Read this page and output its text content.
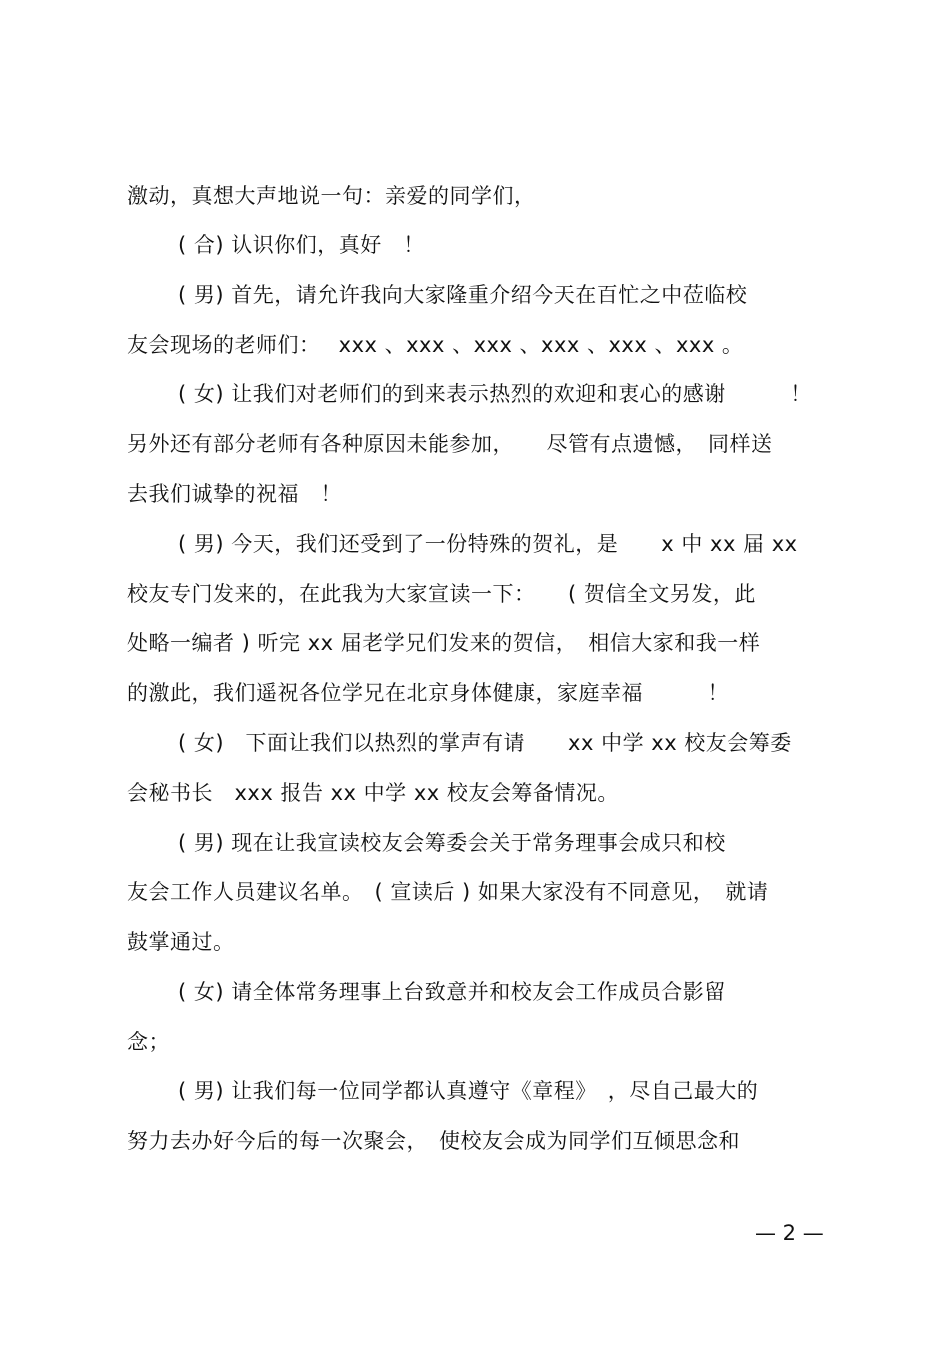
激动，真想大声地说一句：亲爱的同学们，
( 合) 认识你们，真好　！
( 男) 首先，请允许我向大家隆重介绍今天在百忙之中莅临校
友会现场的老师们：　 xxx 、xxx 、xxx 、xxx 、xxx 、xxx 。
( 女) 让我们对老师们的到来表示热烈的欢迎和衷心的感谢　　　！
另外还有部分老师有各种原因未能参加，　　尽管有点遗憾，　同样送
去我们诚挚的祝福　！
( 男) 今天，我们还受到了一份特殊的贺礼，是　　x 中 xx 届 xx
校友专门发来的，在此我为大家宣读一下：　　( 贺信全文另发，此
处略一编者 ) 听完 xx 届老学兄们发来的贺信，　相信大家和我一样
的激此，我们遥祝各位学兄在北京身体健康，家庭幸福　　　！
( 女)　下面让我们以热烈的掌声有请　　xx 中学 xx 校友会筹委
会秘书长　xxx 报告 xx 中学 xx 校友会筹备情况。
( 男) 现在让我宣读校友会筹委会关于常务理事会成只和校
友会工作人员建议名单。　( 宣读后 ) 如果大家没有不同意见，　就请
鼓掌通过。
( 女) 请全体常务理事上台致意并和校友会工作成员合影留
念；
( 男) 让我们每一位同学都认真遵守《章程》　，尽自己最大的
努力去办好今后的每一次聚会，　使校友会成为同学们互倾思念和
— 2 —
